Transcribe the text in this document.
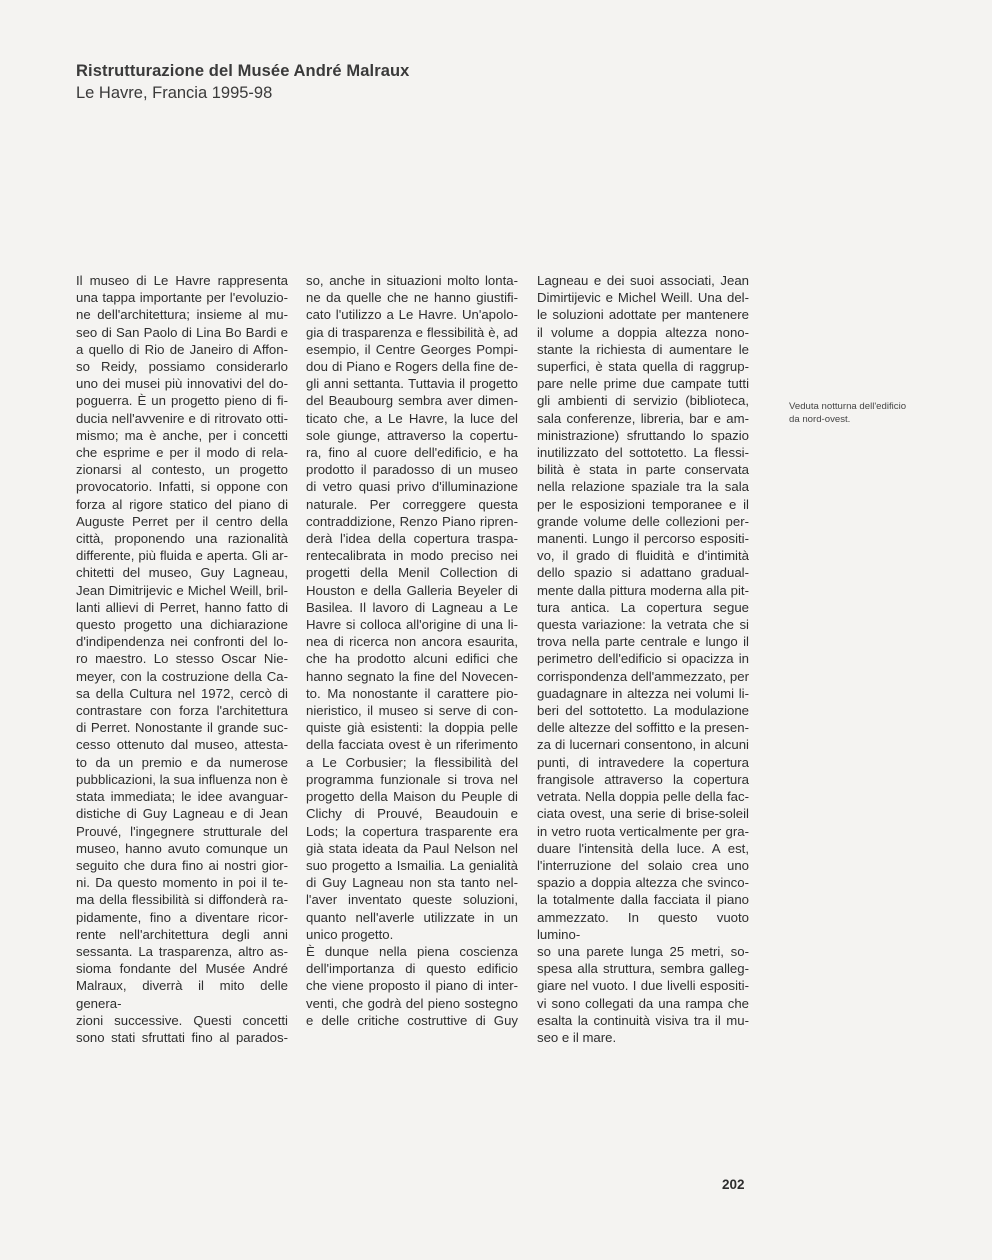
Ristrutturazione del Musée André Malraux
Le Havre, Francia 1995-98
Il museo di Le Havre rappresenta
una tappa importante per l'evoluzio-
ne dell'architettura; insieme al mu-
seo di San Paolo di Lina Bo Bardi e
a quello di Rio de Janeiro di Affon-
so Reidy, possiamo considerarlo
uno dei musei più innovativi del do-
poguerra. È un progetto pieno di fi-
ducia nell'avvenire e di ritrovato otti-
mismo; ma è anche, per i concetti
che esprime e per il modo di rela-
zionarsi al contesto, un progetto
provocatorio. Infatti, si oppone con
forza al rigore statico del piano di
Auguste Perret per il centro della
città, proponendo una razionalità
differente, più fluida e aperta. Gli ar-
chitetti del museo, Guy Lagneau,
Jean Dimitrijevic e Michel Weill, bril-
lanti allievi di Perret, hanno fatto di
questo progetto una dichiarazione
d'indipendenza nei confronti del lo-
ro maestro. Lo stesso Oscar Nie-
meyer, con la costruzione della Ca-
sa della Cultura nel 1972, cercò di
contrastare con forza l'architettura
di Perret. Nonostante il grande suc-
cesso ottenuto dal museo, attesta-
to da un premio e da numerose
pubblicazioni, la sua influenza non è
stata immediata; le idee avanguar-
distiche di Guy Lagneau e di Jean
Prouvé, l'ingegnere strutturale del
museo, hanno avuto comunque un
seguito che dura fino ai nostri gior-
ni. Da questo momento in poi il te-
ma della flessibilità si diffonderà ra-
pidamente, fino a diventare ricor-
rente nell'architettura degli anni
sessanta. La trasparenza, altro as-
sioma fondante del Musée André
Malraux, diverrà il mito delle genera-
zioni successive. Questi concetti
sono stati sfruttati fino al parados-
so, anche in situazioni molto lonta-
ne da quelle che ne hanno giustifi-
cato l'utilizzo a Le Havre. Un'apolo-
gia di trasparenza e flessibilità è, ad
esempio, il Centre Georges Pompi-
dou di Piano e Rogers della fine de-
gli anni settanta. Tuttavia il progetto
del Beaubourg sembra aver dimen-
ticato che, a Le Havre, la luce del
sole giunge, attraverso la copertu-
ra, fino al cuore dell'edificio, e ha
prodotto il paradosso di un museo
di vetro quasi privo d'illuminazione
naturale. Per correggere questa
contraddizione, Renzo Piano ripren-
derà l'idea della copertura traspa-
rentecalibrata in modo preciso nei
progetti della Menil Collection di
Houston e della Galleria Beyeler di
Basilea. Il lavoro di Lagneau a Le
Havre si colloca all'origine di una li-
nea di ricerca non ancora esaurita,
che ha prodotto alcuni edifici che
hanno segnato la fine del Novecen-
to. Ma nonostante il carattere pio-
nieristico, il museo si serve di con-
quiste già esistenti: la doppia pelle
della facciata ovest è un riferimento
a Le Corbusier; la flessibilità del
programma funzionale si trova nel
progetto della Maison du Peuple di
Clichy di Prouvé, Beaudouin e
Lods; la copertura trasparente era
già stata ideata da Paul Nelson nel
suo progetto a Ismailia. La genialità
di Guy Lagneau non sta tanto nel-
l'aver inventato queste soluzioni,
quanto nell'averle utilizzate in un
unico progetto.
È dunque nella piena coscienza
dell'importanza di questo edificio
che viene proposto il piano di inter-
venti, che godrà del pieno sostegno
e delle critiche costruttive di Guy
Lagneau e dei suoi associati, Jean
Dimirtijevic e Michel Weill. Una del-
le soluzioni adottate per mantenere
il volume a doppia altezza nono-
stante la richiesta di aumentare le
superfici, è stata quella di raggrup-
pare nelle prime due campate tutti
gli ambienti di servizio (biblioteca,
sala conferenze, libreria, bar e am-
ministrazione) sfruttando lo spazio
inutilizzato del sottotetto. La flessi-
bilità è stata in parte conservata
nella relazione spaziale tra la sala
per le esposizioni temporanee e il
grande volume delle collezioni per-
manenti. Lungo il percorso espositi-
vo, il grado di fluidità e d'intimità
dello spazio si adattano gradual-
mente dalla pittura moderna alla pit-
tura antica. La copertura segue
questa variazione: la vetrata che si
trova nella parte centrale e lungo il
perimetro dell'edificio si opacizza in
corrispondenza dell'ammezzato, per
guadagnare in altezza nei volumi li-
beri del sottotetto. La modulazione
delle altezze del soffitto e la presen-
za di lucernari consentono, in alcuni
punti, di intravedere la copertura
frangisole attraverso la copertura
vetrata. Nella doppia pelle della fac-
ciata ovest, una serie di brise-soleil
in vetro ruota verticalmente per gra-
duare l'intensità della luce. A est,
l'interruzione del solaio crea uno
spazio a doppia altezza che svinco-
la totalmente dalla facciata il piano
ammezzato. In questo vuoto lumino-
so una parete lunga 25 metri, so-
spesa alla struttura, sembra galleg-
giare nel vuoto. I due livelli espositi-
vi sono collegati da una rampa che
esalta la continuità visiva tra il mu-
seo e il mare.
Veduta notturna dell'edificio
da nord-ovest.
202
